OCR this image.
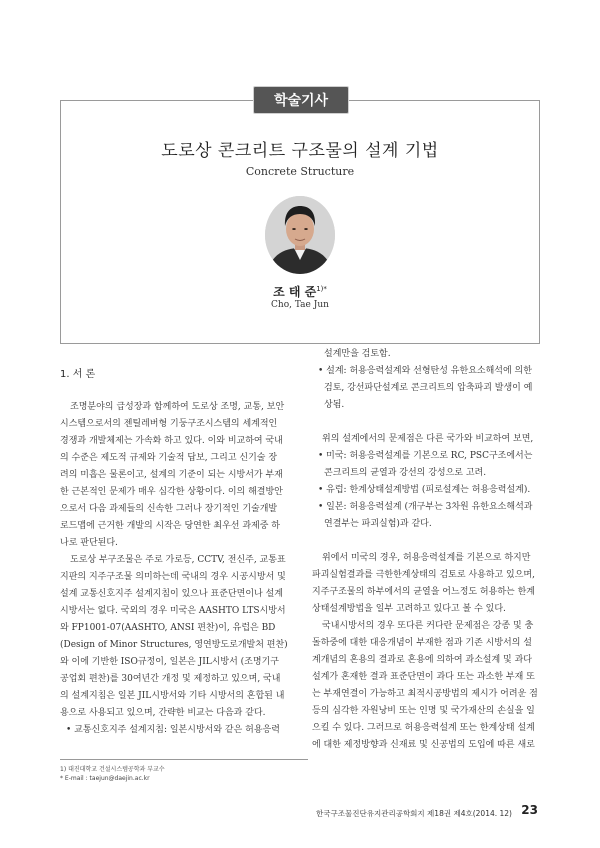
학술기사
도로상 콘크리트 구조물의 설계 기법
Concrete Structure
조 태 준$^{1)*}$
Cho, Tae Jun
1. 서 론
조명분야의 급성장과 함께하여 도로상 조명, 교통, 보안
시스템으로서의 젠틸레버형 기둥구조시스템의 세계적인
경쟁과 개발체제는 가속화 하고 있다. 이와 비교하여 국내
의 수준은 제도적 규제와 기술적 답보, 그리고 신기술 장
려의 미흡은 물론이고, 설계의 기준이 되는 시방서가 부재
한 근본적인 문제가 매우 심각한 상황이다. 이의 해결방안
으로서 다음 과제들의 신속한 그러나 장기적인 기술개발
로드맵에 근거한 개발의 시작은 당연한 최우선 과제중 하
나로 판단된다.
도로상 부구조물은 주로 가로등, CCTV, 전신주, 교통표
지판의 지주구조물 의미하는데 국내의 경우 시공시방서 및
설계 교통신호지주 설계지침이 있으나 표준단면이나 설계
시방서는 없다. 국외의 경우 미국은 AASHTO LTS시방서
와 FP1001-07(AASHTO, ANSI 편찬)이, 유럽은 BD
(Design of Minor Structures, 영연방도로개발처 편찬)
와 이에 기반한 ISO규정이, 일본은 JIL시방서 (조명기구
공업회 편찬)를 30여년간 개정 및 제정하고 있으며, 국내
의 설계지침은 일본 JIL시방서와 기타 시방서의 혼합된 내
용으로 사용되고 있으며, 간략한 비교는 다음과 같다.
• 교통신호지주 설계지침: 일본시방서와 같은 허용응력
설계만을 검토함.
• 설계: 허용응력설계와 선형탄성 유한요소해석에 의한
검토, 강선파단설계로 콘크리트의 압축파괴 발생이 예
상됨.
위의 설계에서의 문제점은 다른 국가와 비교하여 보면,
• 미국: 허용응력설계를 기본으로 RC, PSC구조에서는
콘크리트의 균열과 강선의 강성으로 고려.
• 유럽: 한계상태설계방법 (피로설계는 허용응력설계).
• 일본: 허용응력설계 (개구부는 3차원 유한요소해석과
연결부는 파괴실험)과 같다.
위에서 미국의 경우, 허용응력설계를 기본으로 하지만
파괴실험결과를 극한한계상태의 검토로 사용하고 있으며,
지주구조물의 하부에서의 균열을 어느정도 허용하는 한계
상태설계방법을 일부 고려하고 있다고 볼 수 있다.
국내시방서의 경우 또다른 커다란 문제점은 강종 및 충
돌하중에 대한 대응개념이 부재한 점과 기존 시방서의 설
계개념의 혼용의 결과로 혼용에 의하여 과소설계 및 과다
설계가 혼재한 결과 표준단면이 과다 또는 과소한 부재 또
는 부재연결이 가능하고 최적시공방법의 제시가 어려운 점
등의 심각한 자원낭비 또는 인명 및 국가재산의 손실을 일
으킬 수 있다. 그러므로 허용응력설계 또는 한계상태 설계
에 대한 제정방향과 신재료 및 신공법의 도입에 따른 새로
1) 대진대학교 건설시스템공학과 부교수
* E-mail : taejun@daejin.ac.kr
한국구조물진단유지관리공학회지 제18권 제4호(2014. 12) 23
